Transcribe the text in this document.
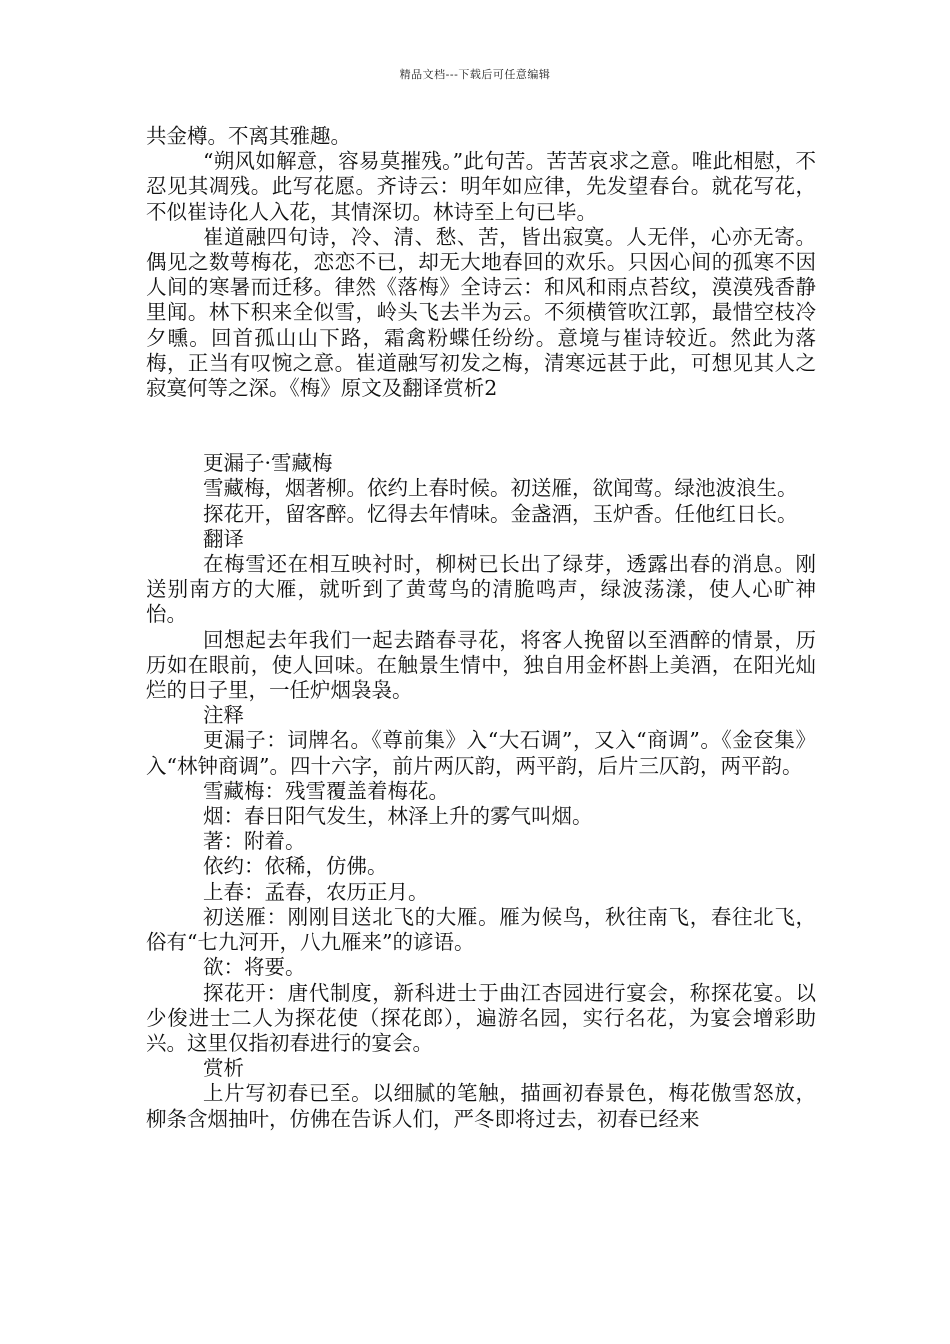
精品文档---下载后可任意编辑

共金樽。不离其雅趣。

“朔风如解意，容易莫摧残。”此句苦。苦苦哀求之意。唯此相慰，不忍见其凋残。此写花愿。齐诗云：明年如应律，先发望春台。就花写花，不似崔诗化人入花，其情深切。林诗至上句已毕。

崔道融四句诗，冷、清、愁、苦，皆出寂寞。人无伴，心亦无寄。偶见之数萼梅花，恋恋不已，却无大地春回的欢乐。只因心间的孤寒不因人间的寒暑而迁移。律然《落梅》全诗云：和风和雨点苔纹，漠漠残香静里闻。林下积来全似雪，岭头飞去半为云。不须横管吹江郭，最惜空枝冷夕曛。回首孤山山下路，霜禽粉蝶任纷纷。意境与崔诗较近。然此为落梅，正当有叹惋之意。崔道融写初发之梅，清寒远甚于此，可想见其人之寂寞何等之深。《梅》原文及翻译赏析2

更漏子·雪藏梅

雪藏梅，烟著柳。依约上春时候。初送雁，欲闻莺。绿池波浪生。

探花开，留客醉。忆得去年情味。金盏酒，玉炉香。任他红日长。

翻译

在梅雪还在相互映衬时，柳树已长出了绿芽，透露出春的消息。刚送别南方的大雁，就听到了黄莺鸟的清脆鸣声，绿波荡漾，使人心旷神怡。

回想起去年我们一起去踏春寻花，将客人挽留以至酒醉的情景，历历如在眼前，使人回味。在触景生情中，独自用金杯斟上美酒，在阳光灿烂的日子里，一任炉烟袅袅。

注释

更漏子：词牌名。《尊前集》入“大石调”，又入“商调”。《金奁集》入“林钟商调”。四十六字，前片两仄韵，两平韵，后片三仄韵，两平韵。

雪藏梅：残雪覆盖着梅花。

烟：春日阳气发生，林泽上升的雾气叫烟。

著：附着。

依约：依稀，仿佛。

上春：孟春，农历正月。

初送雁：刚刚目送北飞的大雁。雁为候鸟，秋往南飞，春往北飞，俗有“七九河开，八九雁来”的谚语。

欲：将要。

探花开：唐代制度，新科进士于曲江杏园进行宴会，称探花宴。以少俊进士二人为探花使（探花郎），遍游名园，实行名花，为宴会增彩助兴。这里仅指初春进行的宴会。

赏析

上片写初春已至。以细腻的笔触，描画初春景色，梅花傲雪怒放，柳条含烟抽叶，仿佛在告诉人们，严冬即将过去，初春已经来
